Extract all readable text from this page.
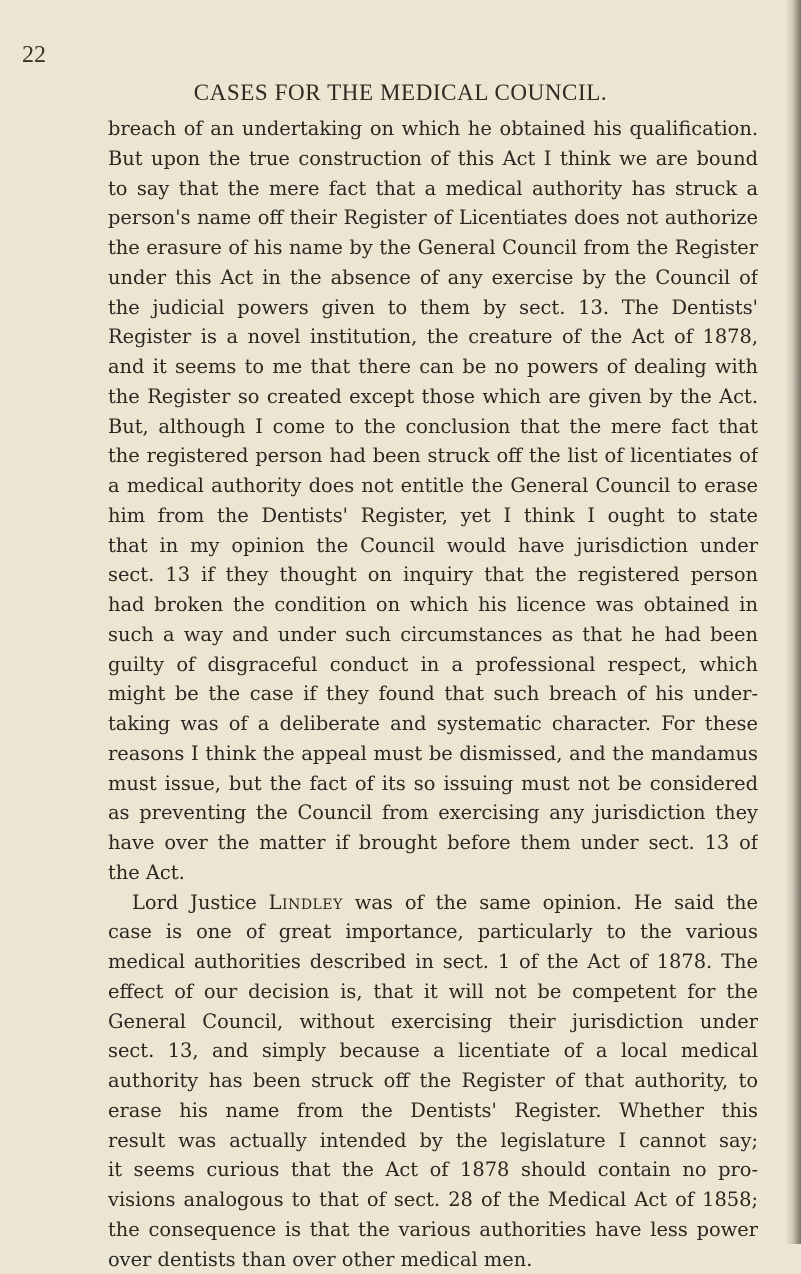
22
CASES FOR THE MEDICAL COUNCIL.
breach of an undertaking on which he obtained his qualification.
But upon the true construction of this Act I think we are bound
to say that the mere fact that a medical authority has struck a
person's name off their Register of Licentiates does not authorize
the erasure of his name by the General Council from the Register
under this Act in the absence of any exercise by the Council of
the judicial powers given to them by sect. 13. The Dentists'
Register is a novel institution, the creature of the Act of 1878,
and it seems to me that there can be no powers of dealing with
the Register so created except those which are given by the Act.
But, although I come to the conclusion that the mere fact that
the registered person had been struck off the list of licentiates of
a medical authority does not entitle the General Council to erase
him from the Dentists' Register, yet I think I ought to state
that in my opinion the Council would have jurisdiction under
sect. 13 if they thought on inquiry that the registered person
had broken the condition on which his licence was obtained in
such a way and under such circumstances as that he had been
guilty of disgraceful conduct in a professional respect, which
might be the case if they found that such breach of his under-
taking was of a deliberate and systematic character. For these
reasons I think the appeal must be dismissed, and the mandamus
must issue, but the fact of its so issuing must not be considered
as preventing the Council from exercising any jurisdiction they
have over the matter if brought before them under sect. 13 of
the Act.
Lord Justice Lindley was of the same opinion. He said the
case is one of great importance, particularly to the various
medical authorities described in sect. 1 of the Act of 1878. The
effect of our decision is, that it will not be competent for the
General Council, without exercising their jurisdiction under
sect. 13, and simply because a licentiate of a local medical
authority has been struck off the Register of that authority, to
erase his name from the Dentists' Register. Whether this
result was actually intended by the legislature I cannot say;
it seems curious that the Act of 1878 should contain no pro-
visions analogous to that of sect. 28 of the Medical Act of 1858;
the consequence is that the various authorities have less power
over dentists than over other medical men.
